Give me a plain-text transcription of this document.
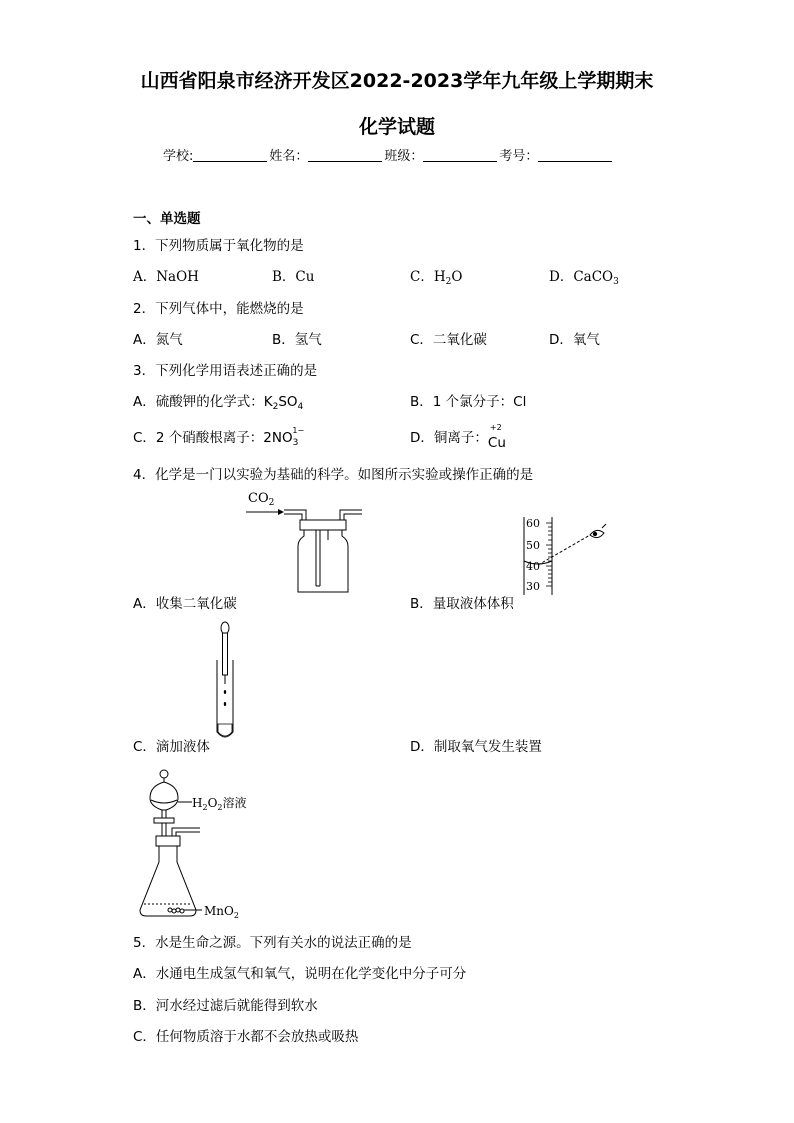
山西省阳泉市经济开发区2022-2023学年九年级上学期期末
化学试题
学校:	姓名：	班级：	考号：
一、单选题
1．下列物质属于氧化物的是
A．NaOH	B．Cu	C．$H_2O$	D．CaCO$_3$
2．下列气体中，能燃烧的是
A．氮气	B．氢气	C．二氧化碳	D．氧气
3．下列化学用语表述正确的是
A．硫酸钾的化学式：$K_2SO_4$	B．1 个氯分子：Cl
C．2 个硝酸根离子：$2NO_3^{1-}$	D．铜离子：
+2
Cu
4．化学是一门以实验为基础的科学。如图所示实验或操作正确的是
$CO_2$
A．收集二氧化碳
60
50
40
30
B．量取液体体积
C．滴加液体	D．制取氧气发生装置
$H_2O_2$溶液
MnO$_2$
5．水是生命之源。下列有关水的说法正确的是
A．水通电生成氢气和氧气，说明在化学变化中分子可分
B．河水经过滤后就能得到软水
C．任何物质溶于水都不会放热或吸热
